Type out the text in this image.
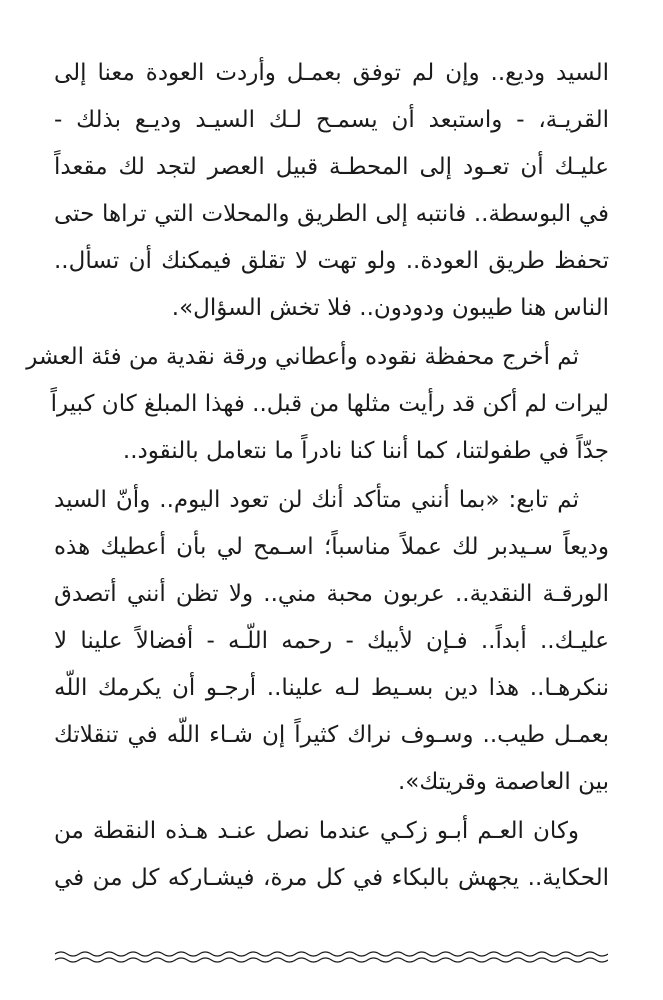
السيد وديع.. وإن لم توفق بعمـل وأردت العودة معنا إلى
القريـة، - واستبعد أن يسمـح لـك السيـد وديـع بذلك -
عليـك أن تعـود إلى المحطـة قبيل العصر لتجد لك مقعداً
في البوسطة.. فانتبه إلى الطريق والمحلات التي تراها حتى
تحفظ طريق العودة.. ولو تهت لا تقلق فيمكنك أن تسأل..
الناس هنا طيبون ودودون.. فلا تخش السؤال».
ثم أخرج محفظة نقوده وأعطاني ورقة نقدية من فئة العشر
ليرات لم أكن قد رأيت مثلها من قبل.. فهذا المبلغ كان كبيراً
جدّاً في طفولتنا، كما أننا كنا نادراً ما نتعامل بالنقود..
ثم تابع: «بما أنني متأكد أنك لن تعود اليوم.. وأنّ السيد
وديعاً سـيدبر لك عملاً مناسباً؛ اسـمح لي بأن أعطيك هذه
الورقـة النقدية.. عربون محبة مني.. ولا تظن أنني أتصدق
عليـك.. أبداً.. فـإن لأبيك - رحمه اللّـه - أفضالاً علينا لا
ننكرهـا.. هذا دين بسـيط لـه علينا.. أرجـو أن يكرمك اللّه
بعمـل طيب.. وسـوف نراك كثيراً إن شـاء اللّه في تنقلاتك
بين العاصمة وقريتك».
وكان العـم أبـو زكـي عندما نصل عنـد هـذه النقطة من
الحكاية.. يجهش بالبكاء في كل مرة، فيشـاركه كل من في
